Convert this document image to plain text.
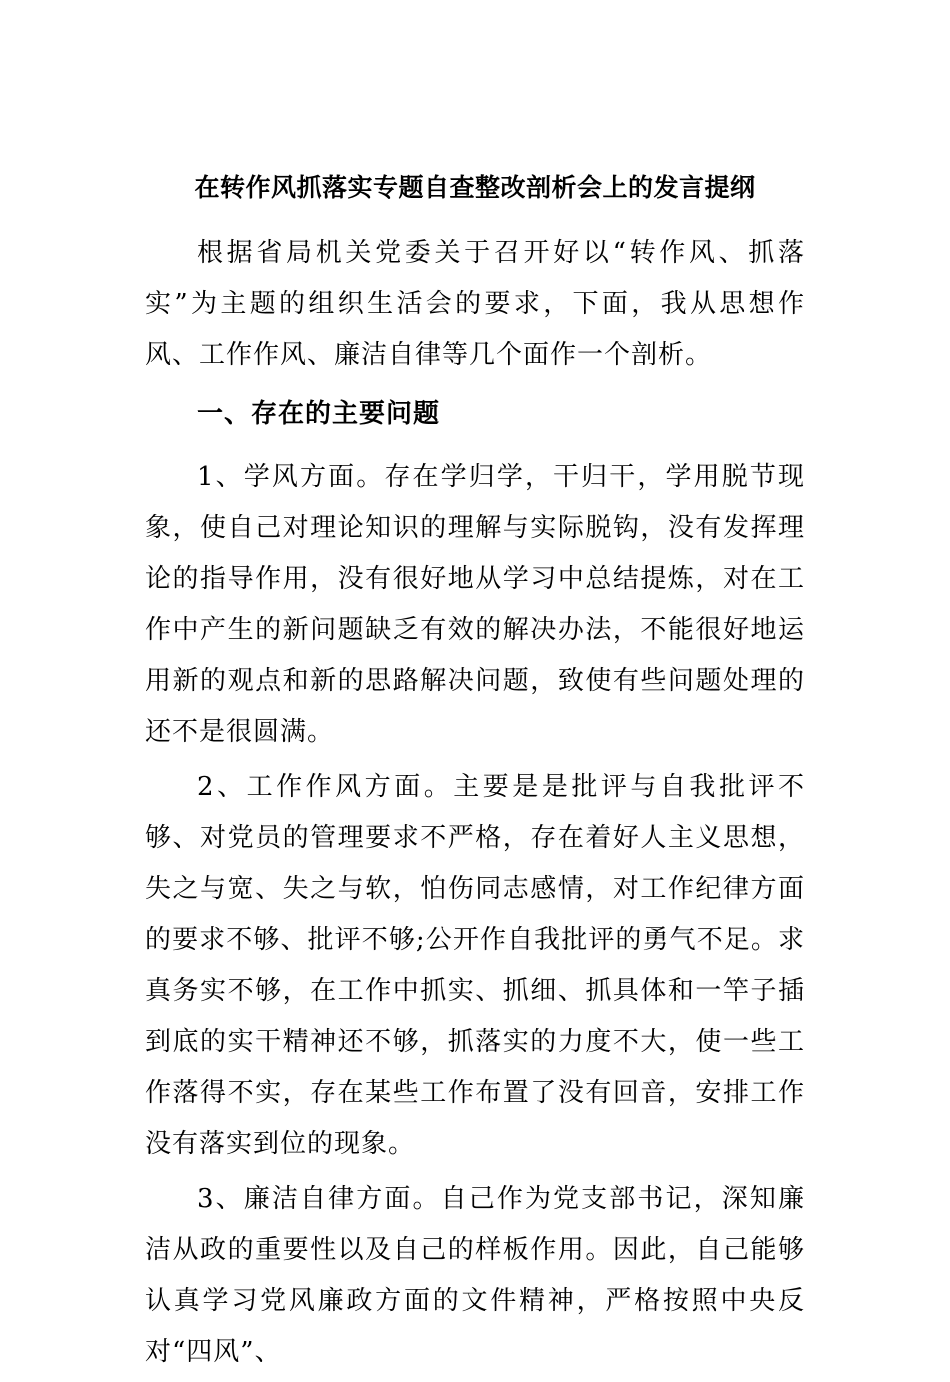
在转作风抓落实专题自查整改剖析会上的发言提纲

根据省局机关党委关于召开好以“转作风、抓落实”为主题的组织生活会的要求，下面，我从思想作风、工作作风、廉洁自律等几个面作一个剖析。

一、存在的主要问题

1、学风方面。存在学归学，干归干，学用脱节现象，使自己对理论知识的理解与实际脱钩，没有发挥理论的指导作用，没有很好地从学习中总结提炼，对在工作中产生的新问题缺乏有效的解决办法，不能很好地运用新的观点和新的思路解决问题，致使有些问题处理的还不是很圆满。

2、工作作风方面。主要是是批评与自我批评不够、对党员的管理要求不严格，存在着好人主义思想，失之与宽、失之与软，怕伤同志感情，对工作纪律方面的要求不够、批评不够;公开作自我批评的勇气不足。求真务实不够，在工作中抓实、抓细、抓具体和一竿子插到底的实干精神还不够，抓落实的力度不大，使一些工作落得不实，存在某些工作布置了没有回音，安排工作没有落实到位的现象。

3、廉洁自律方面。自己作为党支部书记，深知廉洁从政的重要性以及自己的样板作用。因此，自己能够认真学习党风廉政方面的文件精神，严格按照中央反对“四风”、
